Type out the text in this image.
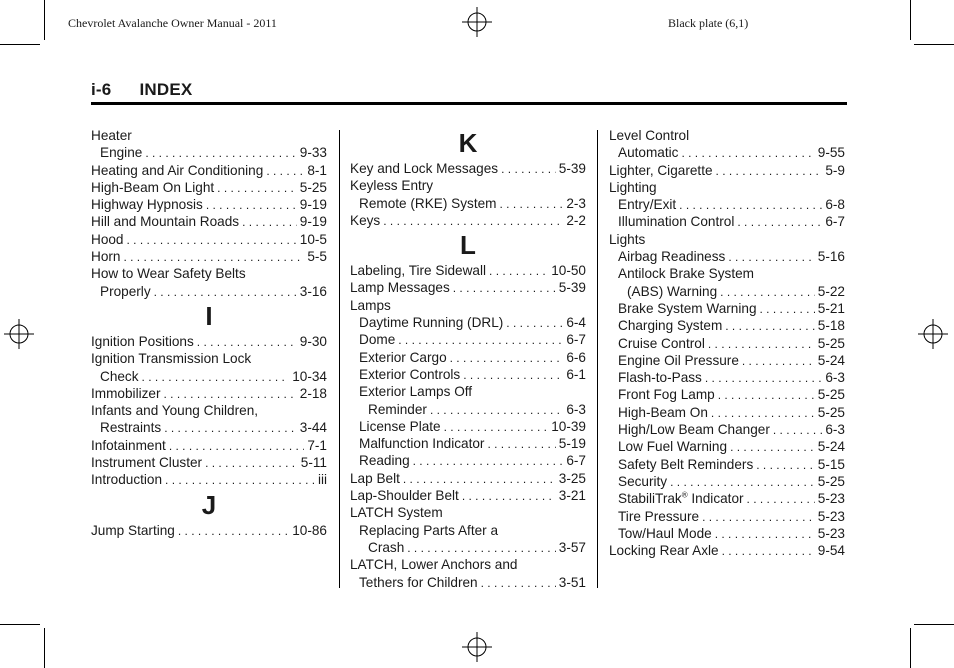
Chevrolet Avalanche Owner Manual - 2011	Black plate (6,1)
i-6 INDEX
Heater
Engine . . .	9-33
Heating and Air Conditioning . . .	8-1
High-Beam On Light . . .	5-25
Highway Hypnosis . . .	9-19
Hill and Mountain Roads . . .	9-19
Hood . . .	10-5
Horn . . .	5-5
How to Wear Safety Belts
Properly . . .	3-16
I
Ignition Positions . . .	9-30
Ignition Transmission Lock
Check . . .	10-34
Immobilizer . . .	2-18
Infants and Young Children,
Restraints . . .	3-44
Infotainment . . .	7-1
Instrument Cluster . . .	5-11
Introduction . . .	iii
J
Jump Starting . . .	10-86
K
Key and Lock Messages . . .	5-39
Keyless Entry
Remote (RKE) System . . .	2-3
Keys . . .	2-2
L
Labeling, Tire Sidewall . . .	10-50
Lamp Messages . . .	5-39
Lamps
Daytime Running (DRL) . . .	6-4
Dome . . .	6-7
Exterior Cargo . . .	6-6
Exterior Controls . . .	6-1
Exterior Lamps Off
Reminder . . .	6-3
License Plate . . .	10-39
Malfunction Indicator . . .	5-19
Reading . . .	6-7
Lap Belt . . .	3-25
Lap-Shoulder Belt . . .	3-21
LATCH System
Replacing Parts After a
Crash . . .	3-57
LATCH, Lower Anchors and
Tethers for Children . . .	3-51
Level Control
Automatic . . .	9-55
Lighter, Cigarette . . .	5-9
Lighting
Entry/Exit . . .	6-8
Illumination Control . . .	6-7
Lights
Airbag Readiness . . .	5-16
Antilock Brake System
(ABS) Warning . . .	5-22
Brake System Warning . . .	5-21
Charging System . . .	5-18
Cruise Control . . .	5-25
Engine Oil Pressure . . .	5-24
Flash-to-Pass . . .	6-3
Front Fog Lamp . . .	5-25
High-Beam On . . .	5-25
High/Low Beam Changer . . .	6-3
Low Fuel Warning . . .	5-24
Safety Belt Reminders . . .	5-15
Security . . .	5-25
StabiliTrak® Indicator . . .	5-23
Tire Pressure . . .	5-23
Tow/Haul Mode . . .	5-23
Locking Rear Axle . . .	9-54
